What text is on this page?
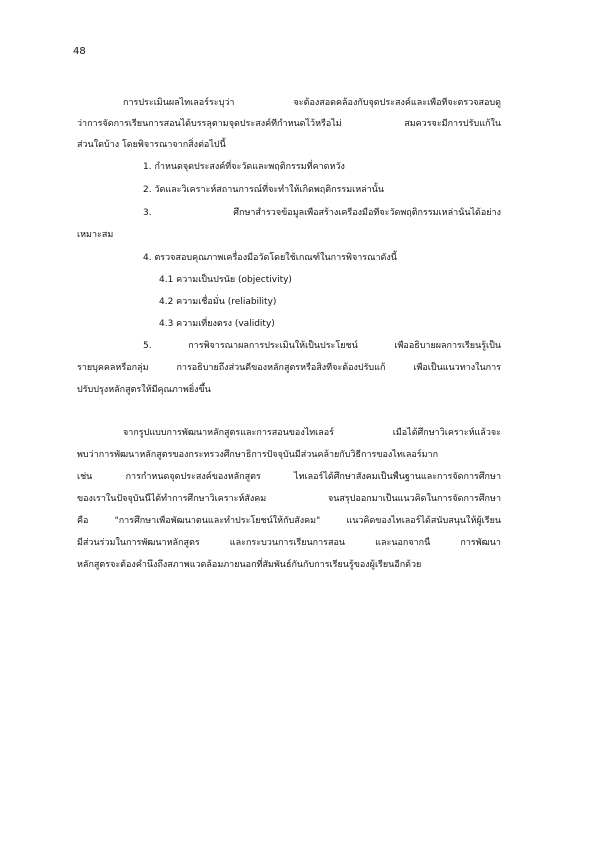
48
การประเมินผลไทเลอร์ระบุว่า จะต้องสอดคล้องกับจุดประสงค์และเพื่อที่จะตรวจสอบดู
ว่าการจัดการเรียนการสอนได้บรรลุตามจุดประสงค์ที่กำหนดไว้หรือไม่ สมควรจะมีการปรับแก้ใน
ส่วนใดบ้าง โดยพิจารณาจากสิ่งต่อไปนี้
1. กำหนดจุดประสงค์ที่จะวัดและพฤติกรรมที่คาดหวัง
2. วัดและวิเคราะห์สถานการณ์ที่จะทำให้เกิดพฤติกรรมเหล่านั้น
3. ศึกษาสำรวจข้อมูลเพื่อสร้างเครื่องมือที่จะวัดพฤติกรรมเหล่านั้นได้อย่าง
เหมาะสม
4. ตรวจสอบคุณภาพเครื่องมือวัดโดยใช้เกณฑ์ในการพิจารณาดังนี้
4.1 ความเป็นปรนัย (objectivity)
4.2 ความเชื่อมั่น (reliability)
4.3 ความเที่ยงตรง (validity)
5. การพิจารณาผลการประเมินให้เป็นประโยชน์ เพื่ออธิบายผลการเรียนรู้เป็น
รายบุคคลหรือกลุ่ม การอธิบายถึงส่วนดีของหลักสูตรหรือสิ่งที่จะต้องปรับแก้ เพื่อเป็นแนวทางในการ
ปรับปรุงหลักสูตรให้มีคุณภาพยิ่งขึ้น
จากรูปแบบการพัฒนาหลักสูตรและการสอนของไทเลอร์ เมื่อได้ศึกษาวิเคราะห์แล้วจะ
พบว่าการพัฒนาหลักสูตรของกระทรวงศึกษาธิการปัจจุบันมีส่วนคล้ายกับวิธีการของไทเลอร์มาก
เช่น การกำหนดจุดประสงค์ของหลักสูตร ไทเลอร์ได้ศึกษาสังคมเป็นพื้นฐานและการจัดการศึกษา
ของเราในปัจจุบันนี้ได้ทำการศึกษาวิเคราะห์สังคม จนสรุปออกมาเป็นแนวคิดในการจัดการศึกษา
คือ "การศึกษาเพื่อพัฒนาตนและทำประโยชน์ให้กับสังคม" แนวคิดของไทเลอร์ได้สนับสนุนให้ผู้เรียน
มีส่วนร่วมในการพัฒนาหลักสูตร และกระบวนการเรียนการสอน และนอกจากนี้ การพัฒนา
หลักสูตรจะต้องคำนึงถึงสภาพแวดล้อมภายนอกที่สัมพันธ์กันกับการเรียนรู้ของผู้เรียนอีกด้วย
